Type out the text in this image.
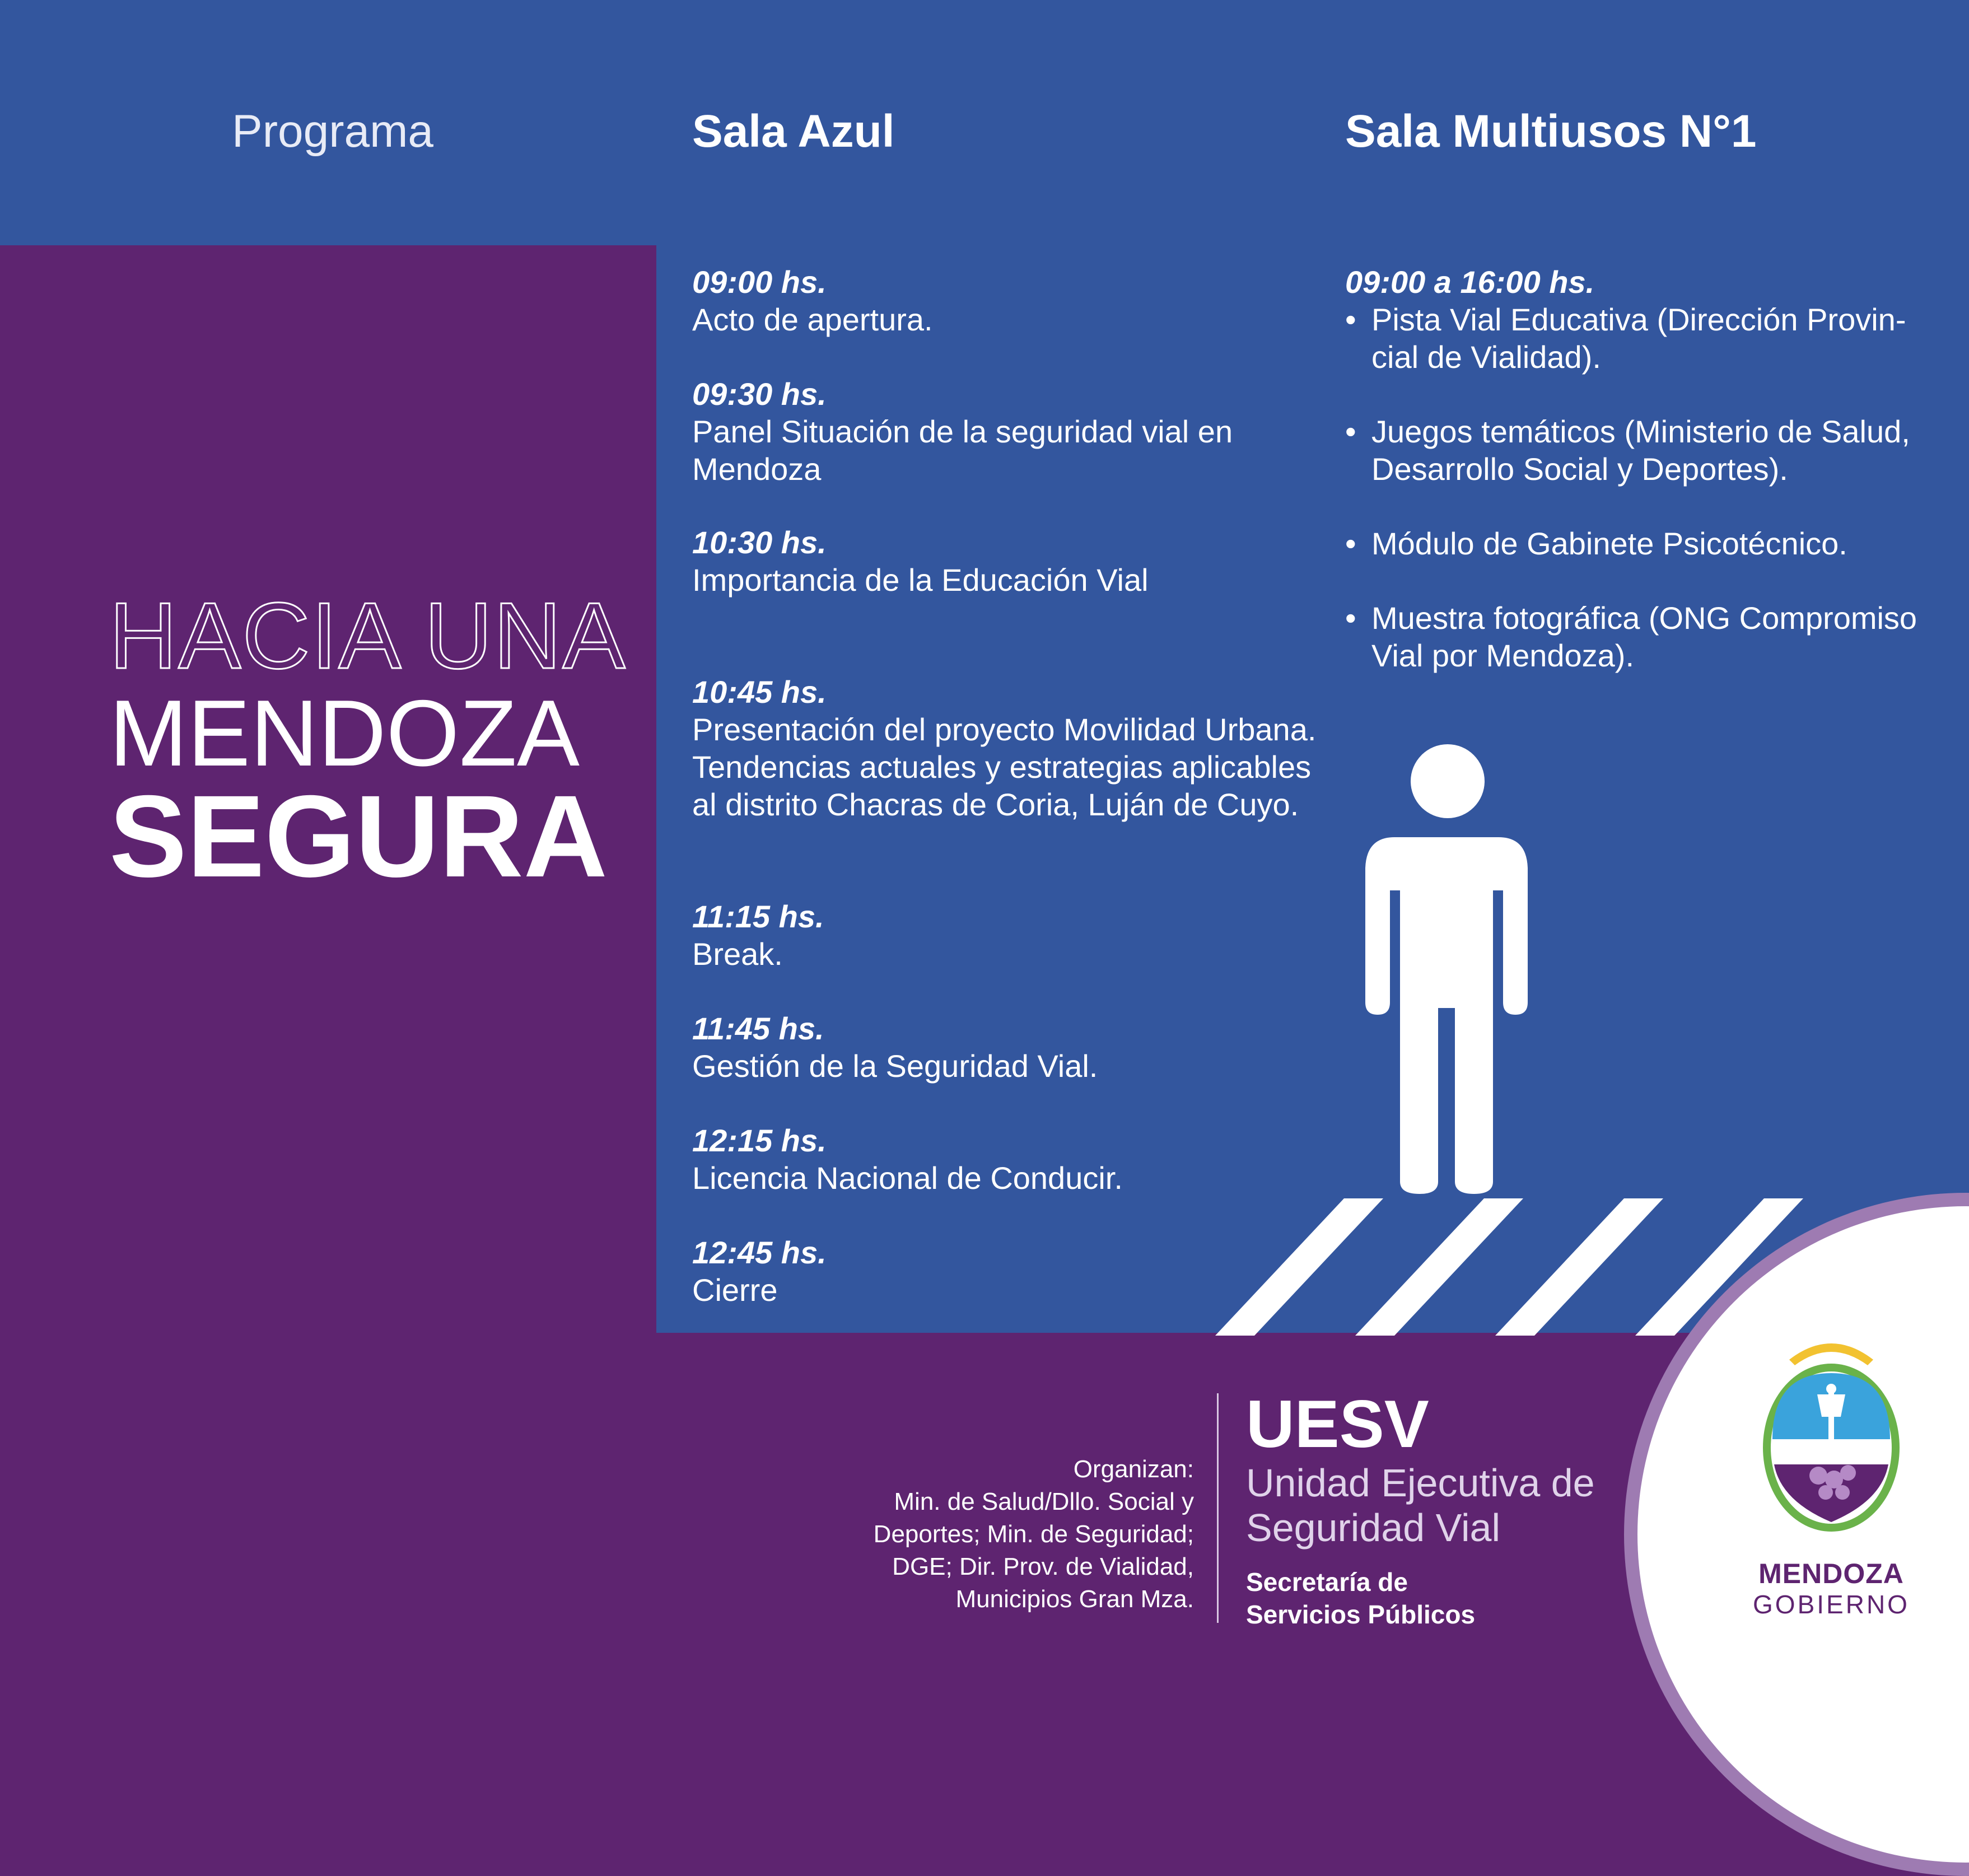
Programa	Sala Azul	Sala Multiusos N°1
HACIA UNA
MENDOZA
SEGURA
09:00 hs.
Acto de apertura.
09:30 hs.
Panel Situación de la seguridad vial en Mendoza
10:30 hs.
Importancia de la Educación Vial
10:45 hs.
Presentación del proyecto Movilidad Urbana. Tendencias actuales y estrategias aplicables al distrito Chacras de Coria, Luján de Cuyo.
11:15 hs.
Break.
11:45 hs.
Gestión de la Seguridad Vial.
12:15 hs.
Licencia Nacional de Conducir.
12:45 hs.
Cierre
09:00 a 16:00 hs.
• Pista Vial Educativa (Dirección Provin-cial de Vialidad).
• Juegos temáticos (Ministerio de Salud, Desarrollo Social y Deportes).
• Módulo de Gabinete Psicotécnico.
• Muestra fotográfica (ONG Compromiso Vial por Mendoza).
Organizan:
Min. de Salud/Dllo. Social y
Deportes; Min. de Seguridad;
DGE; Dir. Prov. de Vialidad,
Municipios Gran Mza.
UESV
Unidad Ejecutiva de
Seguridad Vial
Secretaría de
Servicios Públicos
MENDOZA
GOBIERNO
